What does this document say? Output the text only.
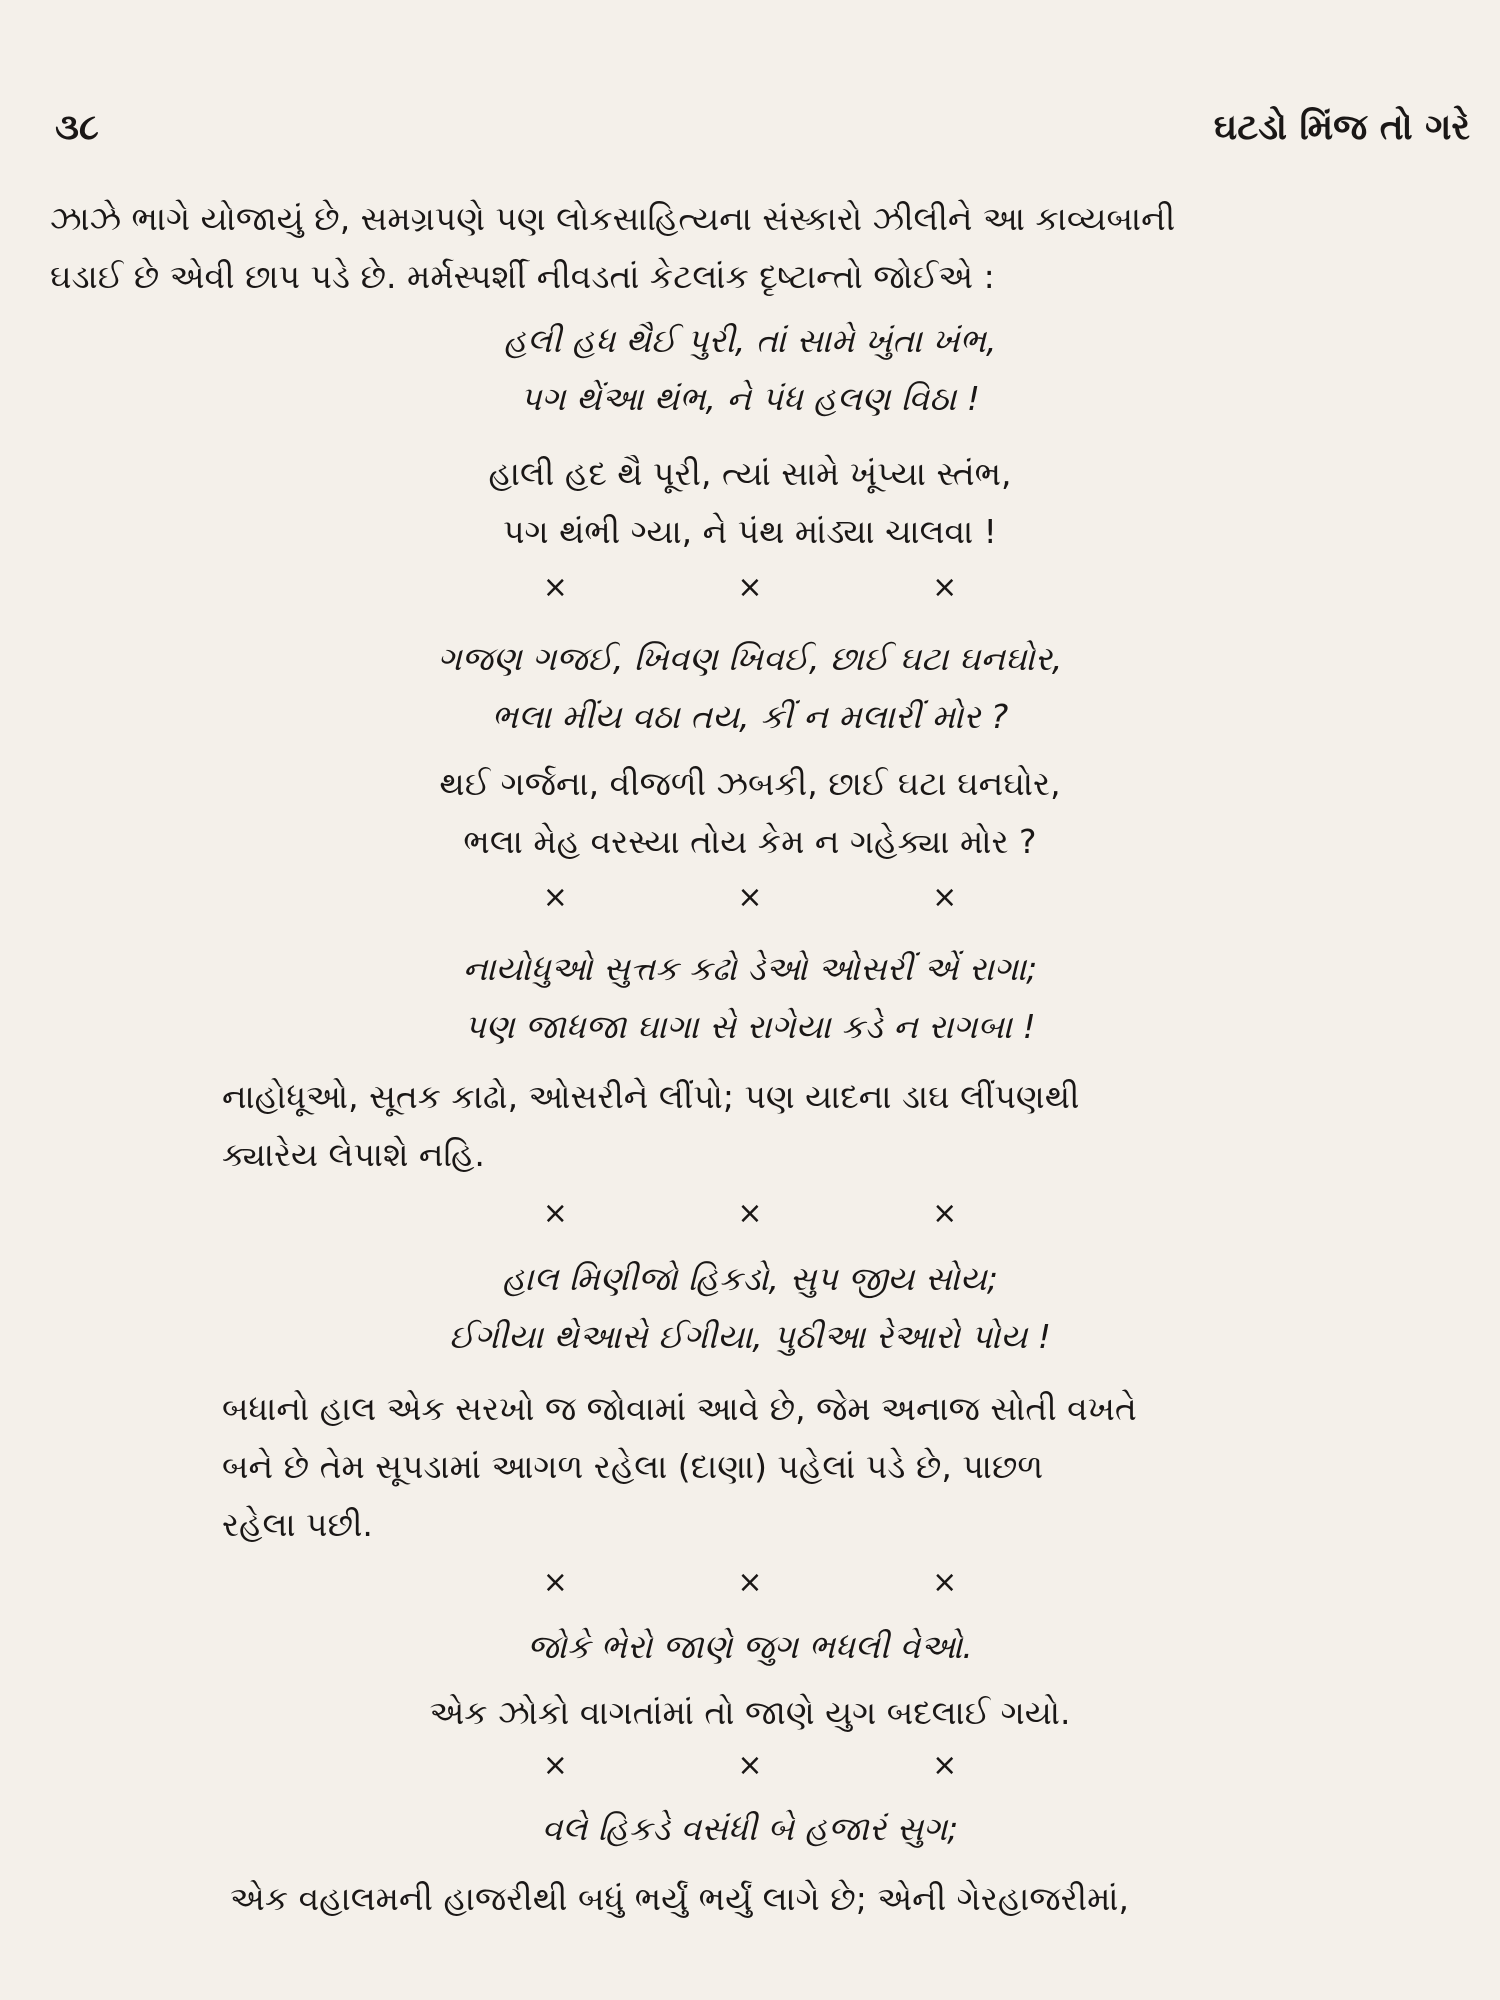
૩૮	ઘટડો મિંજ તો ગરે

ઝાઝે ભાગે યોજાયું છે, સમગ્રપણે પણ લોકસાહિત્યના સંસ્કારો ઝીલીને આ કાવ્યબાની

ઘડાઈ છે એવી છાપ પડે છે. મર્મસ્પર્શી નીવડતાં કેટલાંક દૃષ્ટાન્તો જોઈએ :

હલી હધ થૈઈ પુરી, તાં સામે ખુંતા ખંભ,

પગ થેંઆ થંભ, ને પંધ હલણ વિઠા !

હાલી હદ થૈ પૂરી, ત્યાં સામે ખૂંપ્યા સ્તંભ,

પગ થંભી ગ્યા, ને પંથ માંડ્યા ચાલવા !

× × ×

ગજણ ગજઈ, ખિવણ ખિવઈ, છાઈ ઘટા ઘનઘોર,

ભલા મીંય વઠા તય, કીં ન મલારીં મોર ?

થઈ ગર્જના, વીજળી ઝબકી, છાઈ ઘટા ઘનઘોર,

ભલા મેહ વરસ્યા તોય કેમ ન ગહેક્યા મોર ?

× × ×

નાયોધુઓ સુત્તક કઢો ડેઓ ઓસરીં એં રાગા;

પણ જાધજા ઘાગા સે રાગેયા કડે ન રાગબા !

નાહોધૂઓ, સૂતક કાઢો, ઓસરીને લીંપો; પણ યાદના ડાઘ લીંપણથી

ક્યારેય લેપાશે નહિ.

× × ×

હાલ મિણીજો હિકડો, સુપ જીય સોય;

ઈગીયા થેઆસે ઈગીયા, પુઠીઆ રેઆરો પોય !

બધાનો હાલ એક સરખો જ જોવામાં આવે છે, જેમ અનાજ સોતી વખતે

બને છે તેમ સૂપડામાં આગળ રહેલા (દાણા) પહેલાં પડે છે, પાછળ

રહેલા પછી.

× × ×

જોકે ભેરો જાણે જુગ ભધલી વેઓ.

એક ઝોકો વાગતાંમાં તો જાણે યુગ બદલાઈ ગયો.

× × ×

વલે હિકડે વસંધી બે હજારં સુગ;

એક વહાલમની હાજરીથી બધું ભર્યું ભર્યું લાગે છે; એની ગેરહાજરીમાં,
